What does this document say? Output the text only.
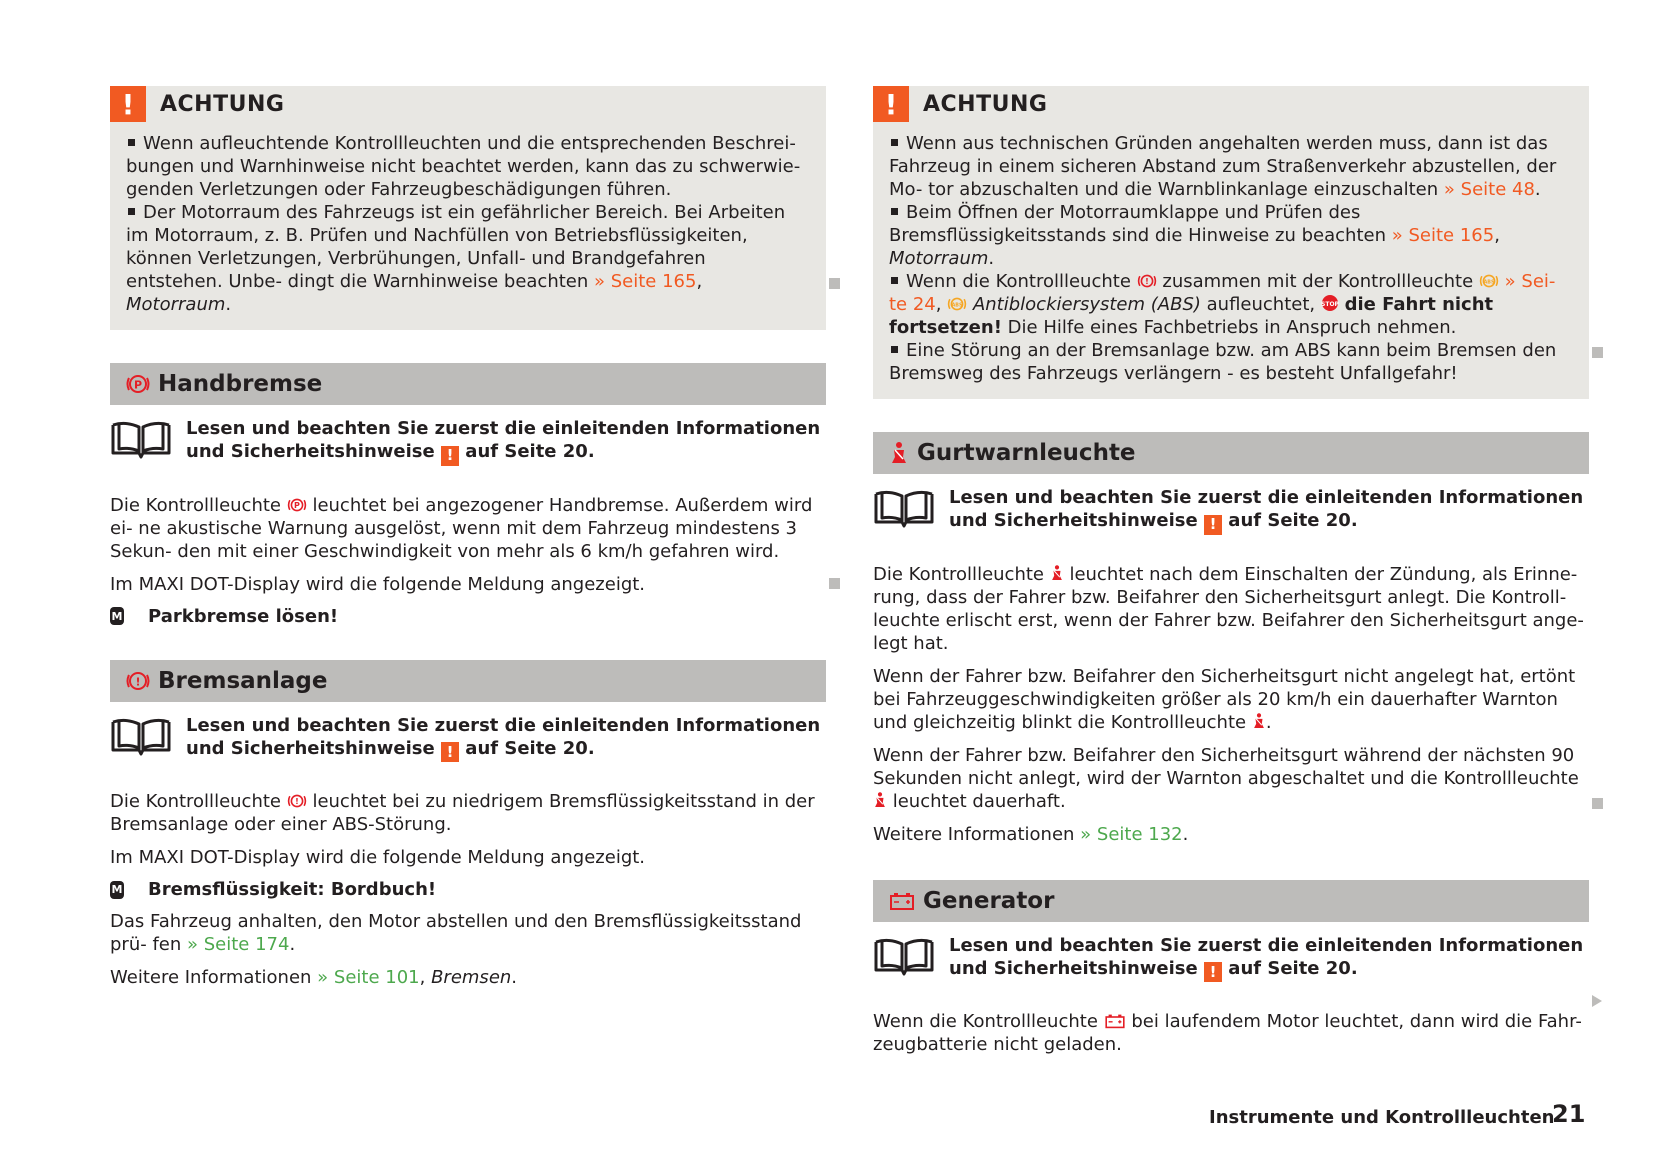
!	ACHTUNG

Wenn aufleuchtende Kontrollleuchten und die entsprechenden Beschrei- bungen und Warnhinweise nicht beachtet werden, kann das zu schwerwie- genden Verletzungen oder Fahrzeugbeschädigungen führen.

Der Motorraum des Fahrzeugs ist ein gefährlicher Bereich. Bei Arbeiten im Motorraum, z. B. Prüfen und Nachfüllen von Betriebsflüssigkeiten, können Verletzungen, Verbrühungen, Unfall- und Brandgefahren entstehen. Unbe- dingt die Warnhinweise beachten » Seite 165, Motorraum.

P Handbremse
Lesen und beachten Sie zuerst die einleitenden Informationen und Sicherheitshinweise ! auf Seite 20.
Die Kontrollleuchte P leuchtet bei angezogener Handbremse. Außerdem wird ei- ne akustische Warnung ausgelöst, wenn mit dem Fahrzeug mindestens 3 Sekun- den mit einer Geschwindigkeit von mehr als 6 km/h gefahren wird.
Im MAXI DOT-Display wird die folgende Meldung angezeigt.
M Parkbremse lösen!
! Bremsanlage
Lesen und beachten Sie zuerst die einleitenden Informationen und Sicherheitshinweise ! auf Seite 20.
Die Kontrollleuchte ! leuchtet bei zu niedrigem Bremsflüssigkeitsstand in der Bremsanlage oder einer ABS-Störung.
Im MAXI DOT-Display wird die folgende Meldung angezeigt.
M Bremsflüssigkeit: Bordbuch!
Das Fahrzeug anhalten, den Motor abstellen und den Bremsflüssigkeitsstand prü- fen » Seite 174.
Weitere Informationen » Seite 101, Bremsen.
!	ACHTUNG

Wenn aus technischen Gründen angehalten werden muss, dann ist das Fahrzeug in einem sicheren Abstand zum Straßenverkehr abzustellen, der Mo- tor abzuschalten und die Warnblinkanlage einzuschalten » Seite 48.

Beim Öffnen der Motorraumklappe und Prüfen des Bremsflüssigkeitsstands sind die Hinweise zu beachten » Seite 165, Motorraum.

Wenn die Kontrollleuchte ! zusammen mit der Kontrollleuchte ABS » Sei- te 24, ABS Antiblockiersystem (ABS) aufleuchtet, STOP die Fahrt nicht fortsetzen! Die Hilfe eines Fachbetriebs in Anspruch nehmen.

Eine Störung an der Bremsanlage bzw. am ABS kann beim Bremsen den Bremsweg des Fahrzeugs verlängern - es besteht Unfallgefahr!

Gurtwarnleuchte
Lesen und beachten Sie zuerst die einleitenden Informationen und Sicherheitshinweise ! auf Seite 20.
Die Kontrollleuchte leuchtet nach dem Einschalten der Zündung, als Erinne- rung, dass der Fahrer bzw. Beifahrer den Sicherheitsgurt anlegt. Die Kontroll- leuchte erlischt erst, wenn der Fahrer bzw. Beifahrer den Sicherheitsgurt ange- legt hat.
Wenn der Fahrer bzw. Beifahrer den Sicherheitsgurt nicht angelegt hat, ertönt bei Fahrzeuggeschwindigkeiten größer als 20 km/h ein dauerhafter Warnton und gleichzeitig blinkt die Kontrollleuchte .
Wenn der Fahrer bzw. Beifahrer den Sicherheitsgurt während der nächsten 90 Sekunden nicht anlegt, wird der Warnton abgeschaltet und die Kontrollleuchte  leuchtet dauerhaft.
Weitere Informationen » Seite 132.
Generator
Lesen und beachten Sie zuerst die einleitenden Informationen und Sicherheitshinweise ! auf Seite 20.
Wenn die Kontrollleuchte bei laufendem Motor leuchtet, dann wird die Fahr- zeugbatterie nicht geladen.
Instrumente und Kontrollleuchten
21
